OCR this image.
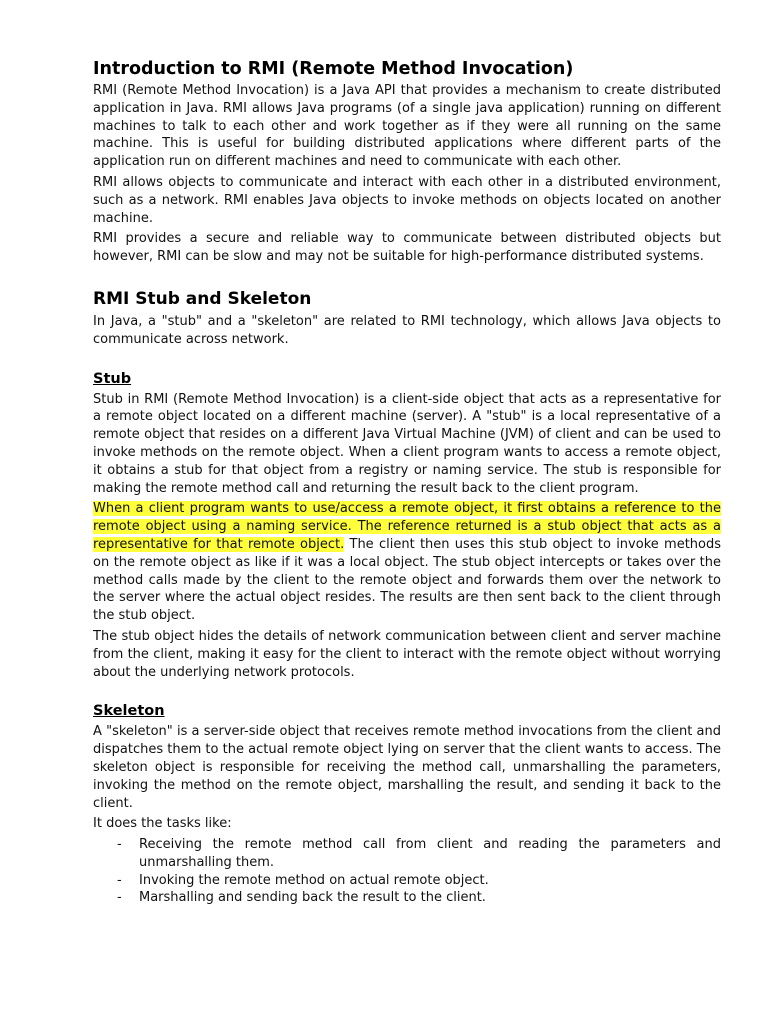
Introduction to RMI (Remote Method Invocation)

RMI (Remote Method Invocation) is a Java API that provides a mechanism to create distributed application in Java. RMI allows Java programs (of a single java application) running on different machines to talk to each other and work together as if they were all running on the same machine. This is useful for building distributed applications where different parts of the application run on different machines and need to communicate with each other.

RMI allows objects to communicate and interact with each other in a distributed environment, such as a network. RMI enables Java objects to invoke methods on objects located on another machine.

RMI provides a secure and reliable way to communicate between distributed objects but however, RMI can be slow and may not be suitable for high-performance distributed systems.

RMI Stub and Skeleton

In Java, a "stub" and a "skeleton" are related to RMI technology, which allows Java objects to communicate across network.

Stub

Stub in RMI (Remote Method Invocation) is a client-side object that acts as a representative for a remote object located on a different machine (server). A "stub" is a local representative of a remote object that resides on a different Java Virtual Machine (JVM) of client and can be used to invoke methods on the remote object. When a client program wants to access a remote object, it obtains a stub for that object from a registry or naming service. The stub is responsible for making the remote method call and returning the result back to the client program.

When a client program wants to use/access a remote object, it first obtains a reference to the remote object using a naming service. The reference returned is a stub object that acts as a representative for that remote object. The client then uses this stub object to invoke methods on the remote object as like if it was a local object. The stub object intercepts or takes over the method calls made by the client to the remote object and forwards them over the network to the server where the actual object resides. The results are then sent back to the client through the stub object.

The stub object hides the details of network communication between client and server machine from the client, making it easy for the client to interact with the remote object without worrying about the underlying network protocols.

Skeleton

A "skeleton" is a server-side object that receives remote method invocations from the client and dispatches them to the actual remote object lying on server that the client wants to access. The skeleton object is responsible for receiving the method call, unmarshalling the parameters, invoking the method on the remote object, marshalling the result, and sending it back to the client.

It does the tasks like:

- Receiving the remote method call from client and reading the parameters and unmarshalling them.
- Invoking the remote method on actual remote object.
- Marshalling and sending back the result to the client.
